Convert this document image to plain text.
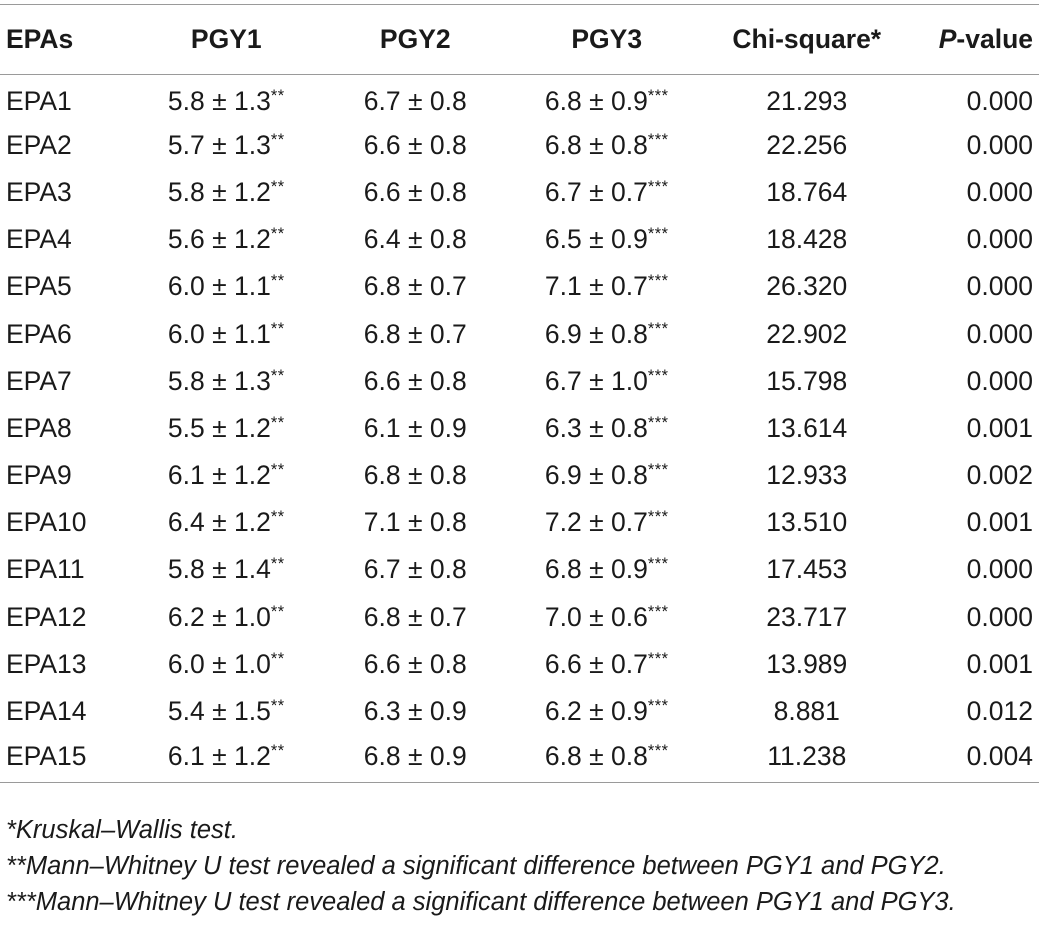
EPAs	PGY1	PGY2	PGY3	Chi-square*	P-value
EPA1	5.8 ± 1.3**	6.7 ± 0.8	6.8 ± 0.9***	21.293	0.000
EPA2	5.7 ± 1.3**	6.6 ± 0.8	6.8 ± 0.8***	22.256	0.000
EPA3	5.8 ± 1.2**	6.6 ± 0.8	6.7 ± 0.7***	18.764	0.000
EPA4	5.6 ± 1.2**	6.4 ± 0.8	6.5 ± 0.9***	18.428	0.000
EPA5	6.0 ± 1.1**	6.8 ± 0.7	7.1 ± 0.7***	26.320	0.000
EPA6	6.0 ± 1.1**	6.8 ± 0.7	6.9 ± 0.8***	22.902	0.000
EPA7	5.8 ± 1.3**	6.6 ± 0.8	6.7 ± 1.0***	15.798	0.000
EPA8	5.5 ± 1.2**	6.1 ± 0.9	6.3 ± 0.8***	13.614	0.001
EPA9	6.1 ± 1.2**	6.8 ± 0.8	6.9 ± 0.8***	12.933	0.002
EPA10	6.4 ± 1.2**	7.1 ± 0.8	7.2 ± 0.7***	13.510	0.001
EPA11	5.8 ± 1.4**	6.7 ± 0.8	6.8 ± 0.9***	17.453	0.000
EPA12	6.2 ± 1.0**	6.8 ± 0.7	7.0 ± 0.6***	23.717	0.000
EPA13	6.0 ± 1.0**	6.6 ± 0.8	6.6 ± 0.7***	13.989	0.001
EPA14	5.4 ± 1.5**	6.3 ± 0.9	6.2 ± 0.9***	8.881	0.012
EPA15	6.1 ± 1.2**	6.8 ± 0.9	6.8 ± 0.8***	11.238	0.004
*Kruskal–Wallis test.
**Mann–Whitney U test revealed a significant difference between PGY1 and PGY2.
***Mann–Whitney U test revealed a significant difference between PGY1 and PGY3.
